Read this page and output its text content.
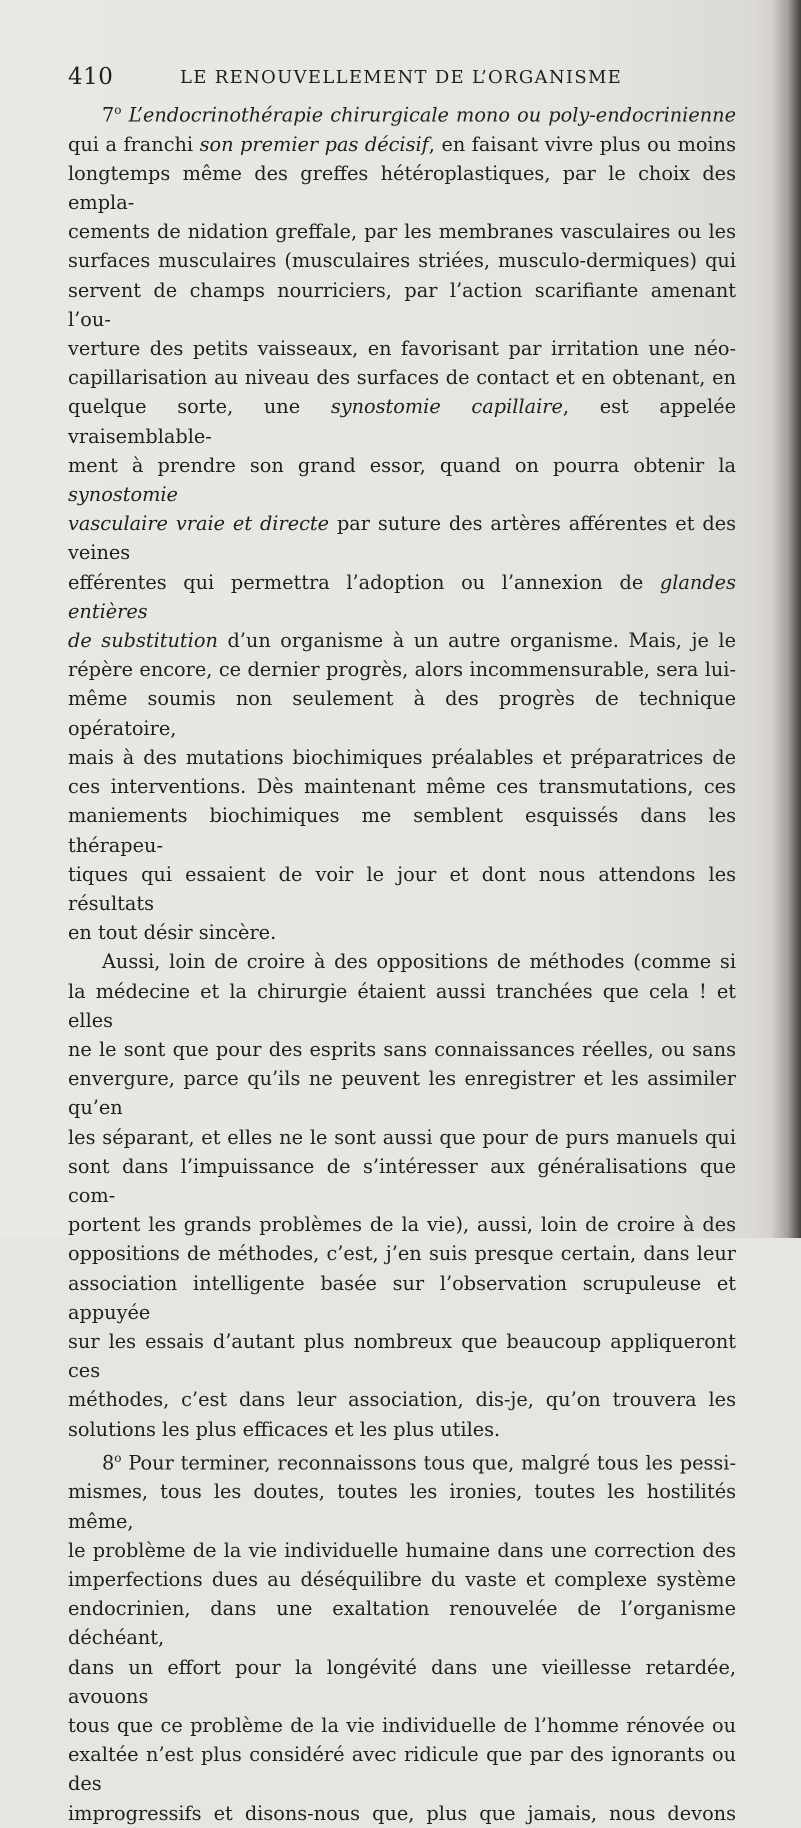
410	LE RENOUVELLEMENT DE L’ORGANISME
7$^o$ L’endocrinothérapie chirurgicale mono ou poly-endocrinienne
qui a franchi son premier pas décisif, en faisant vivre plus ou moins
longtemps même des greffes hétéroplastiques, par le choix des empla-
cements de nidation greffale, par les membranes vasculaires ou les
surfaces musculaires (musculaires striées, musculo-dermiques) qui
servent de champs nourriciers, par l’action scarifiante amenant l’ou-
verture des petits vaisseaux, en favorisant par irritation une néo-
capillarisation au niveau des surfaces de contact et en obtenant, en
quelque sorte, une synostomie capillaire, est appelée vraisemblable-
ment à prendre son grand essor, quand on pourra obtenir la synostomie
vasculaire vraie et directe par suture des artères afférentes et des veines
efférentes qui permettra l’adoption ou l’annexion de glandes entières
de substitution d’un organisme à un autre organisme. Mais, je le
répère encore, ce dernier progrès, alors incommensurable, sera lui-
même soumis non seulement à des progrès de technique opératoire,
mais à des mutations biochimiques préalables et préparatrices de
ces interventions. Dès maintenant même ces transmutations, ces
maniements biochimiques me semblent esquissés dans les thérapeu-
tiques qui essaient de voir le jour et dont nous attendons les résultats
en tout désir sincère.
Aussi, loin de croire à des oppositions de méthodes (comme si
la médecine et la chirurgie étaient aussi tranchées que cela ! et elles
ne le sont que pour des esprits sans connaissances réelles, ou sans
envergure, parce qu’ils ne peuvent les enregistrer et les assimiler qu’en
les séparant, et elles ne le sont aussi que pour de purs manuels qui
sont dans l’impuissance de s’intéresser aux généralisations que com-
portent les grands problèmes de la vie), aussi, loin de croire à des
oppositions de méthodes, c’est, j’en suis presque certain, dans leur
association intelligente basée sur l’observation scrupuleuse et appuyée
sur les essais d’autant plus nombreux que beaucoup appliqueront ces
méthodes, c’est dans leur association, dis-je, qu’on trouvera les
solutions les plus efficaces et les plus utiles.
8$^o$ Pour terminer, reconnaissons tous que, malgré tous les pessi-
mismes, tous les doutes, toutes les ironies, toutes les hostilités même,
le problème de la vie individuelle humaine dans une correction des
imperfections dues au déséquilibre du vaste et complexe système
endocrinien, dans une exaltation renouvelée de l’organisme déchéant,
dans un effort pour la longévité dans une vieillesse retardée, avouons
tous que ce problème de la vie individuelle de l’homme rénovée ou
exaltée n’est plus considéré avec ridicule que par des ignorants ou des
improgressifs et disons-nous que, plus que jamais, nous devons
